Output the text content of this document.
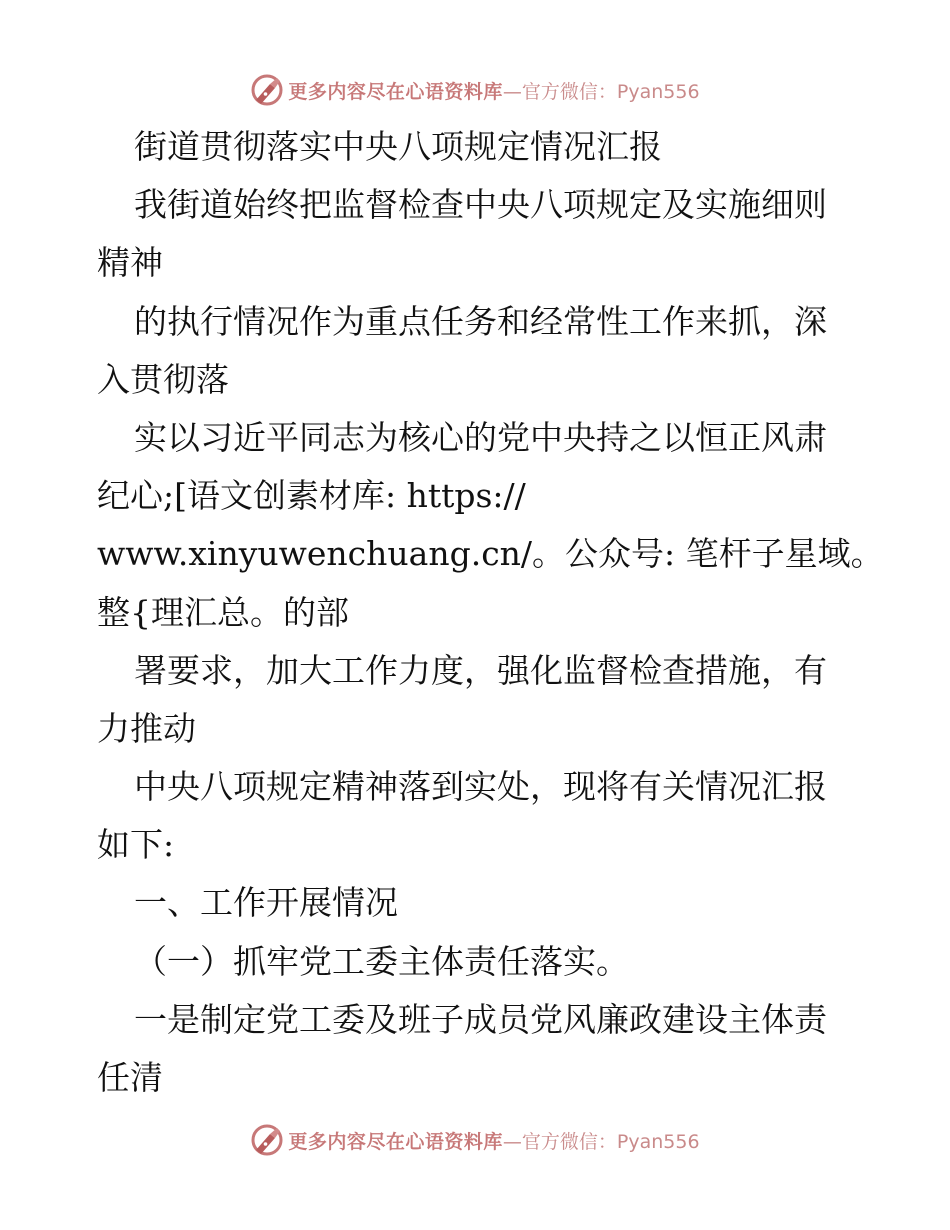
更多内容尽在心语资料库 —官方微信：Pyan556
街道贯彻落实中央八项规定情况汇报
我街道始终把监督检查中央八项规定及实施细则
精神
的执行情况作为重点任务和经常性工作来抓，深
入贯彻落
实以习近平同志为核心的党中央持之以恒正风肃
纪心;[语文创素材库: https://
www.xinyuwenchuang.cn/。公众号: 笔杆子星域。
整{理汇总。的部
署要求，加大工作力度，强化监督检查措施，有
力推动
中央八项规定精神落到实处，现将有关情况汇报
如下:
一、工作开展情况
（一）抓牢党工委主体责任落实。
一是制定党工委及班子成员党风廉政建设主体责
任清
更多内容尽在心语资料库 —官方微信：Pyan556
